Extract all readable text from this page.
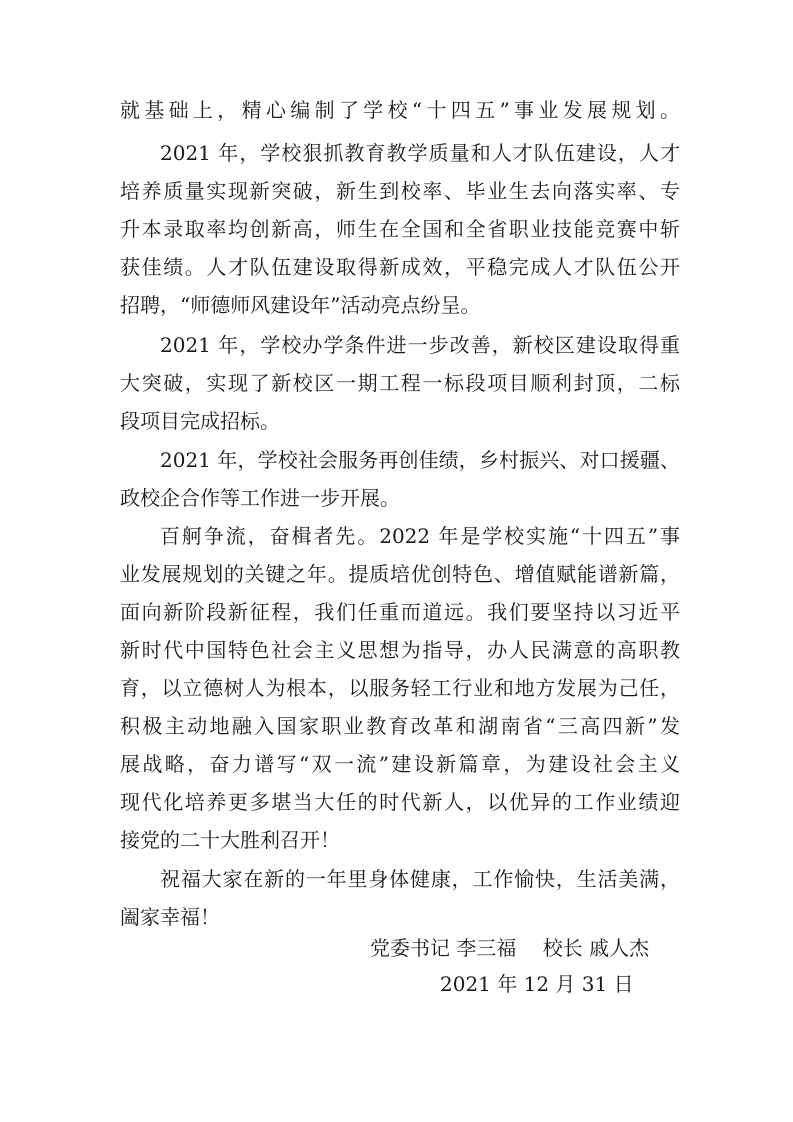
就基础上，精心编制了学校“十四五”事业发展规划。
2021 年，学校狠抓教育教学质量和人才队伍建设，人才
培养质量实现新突破，新生到校率、毕业生去向落实率、专
升本录取率均创新高，师生在全国和全省职业技能竞赛中斩
获佳绩。人才队伍建设取得新成效，平稳完成人才队伍公开
招聘，“师德师风建设年”活动亮点纷呈。
2021 年，学校办学条件进一步改善，新校区建设取得重
大突破，实现了新校区一期工程一标段项目顺利封顶，二标
段项目完成招标。
2021 年，学校社会服务再创佳绩，乡村振兴、对口援疆、
政校企合作等工作进一步开展。
百舸争流，奋楫者先。2022 年是学校实施“十四五”事
业发展规划的关键之年。提质培优创特色、增值赋能谱新篇，
面向新阶段新征程，我们任重而道远。我们要坚持以习近平
新时代中国特色社会主义思想为指导，办人民满意的高职教
育，以立德树人为根本，以服务轻工行业和地方发展为己任，
积极主动地融入国家职业教育改革和湖南省“三高四新”发
展战略，奋力谱写“双一流”建设新篇章，为建设社会主义
现代化培养更多堪当大任的时代新人，以优异的工作业绩迎
接党的二十大胜利召开！
祝福大家在新的一年里身体健康，工作愉快，生活美满，
阖家幸福！
党委书记 李三福　 校长 戚人杰
2021 年 12 月 31 日
